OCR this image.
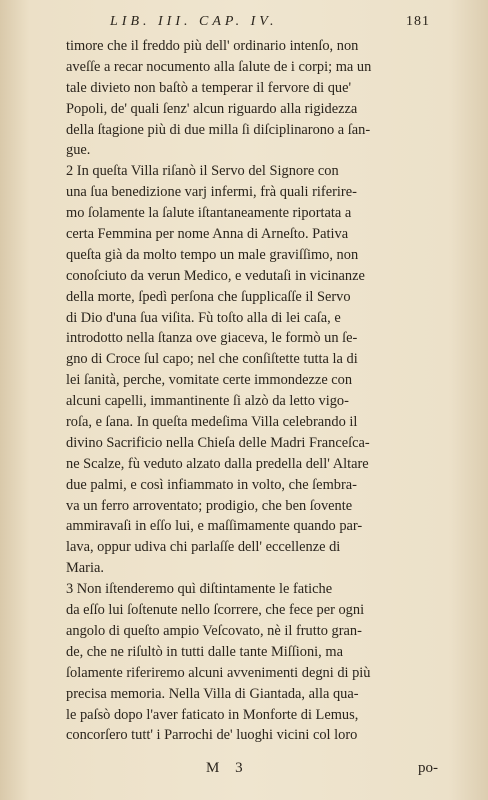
LIB. III. CAP. IV.	181
timore che il freddo più dell' ordinario intenſo, non
aveſſe a recar nocumento alla ſalute de i corpi; ma un
tale divieto non baſtò a temperar il fervore di que'
Popoli, de' quali ſenz' alcun riguardo alla rigidezza
della ſtagione più di due milla ſi diſciplinarono a ſan-
gue.
2 In queſta Villa riſanò il Servo del Signore con
una ſua benedizione varj infermi, frà quali riferire-
mo ſolamente la ſalute iſtantaneamente riportata a
certa Femmina per nome Anna di Arneſto. Pativa
queſta già da molto tempo un male graviſſimo, non
conoſciuto da verun Medico, e vedutaſi in vicinanze
della morte, ſpedì perſona che ſupplicaſſe il Servo
di Dio d'una ſua viſita. Fù toſto alla di lei caſa, e
introdotto nella ſtanza ove giaceva, le formò un ſe-
gno di Croce ſul capo; nel che conſiſtette tutta la di
lei ſanità, perche, vomitate certe immondezze con
alcuni capelli, immantinente ſi alzò da letto vigo-
roſa, e ſana. In queſta medeſima Villa celebrando il
divino Sacrificio nella Chieſa delle Madri Franceſca-
ne Scalze, fù veduto alzato dalla predella dell' Altare
due palmi, e così infiammato in volto, che ſembra-
va un ferro arroventato; prodigio, che ben ſovente
ammiravaſi in eſſo lui, e maſſimamente quando par-
lava, oppur udiva chi parlaſſe dell' eccellenze di
Maria.
3 Non iſtenderemo quì diſtintamente le fatiche
da eſſo lui ſoſtenute nello ſcorrere, che fece per ogni
angolo di queſto ampio Veſcovato, nè il frutto gran-
de, che ne riſultò in tutti dalle tante Miſſioni, ma
ſolamente riferiremo alcuni avvenimenti degni di più
precisa memoria. Nella Villa di Giantada, alla qua-
le paſsò dopo l'aver faticato in Monforte di Lemus,
concorſero tutt' i Parrochi de' luoghi vicini col loro
M 3	po-
